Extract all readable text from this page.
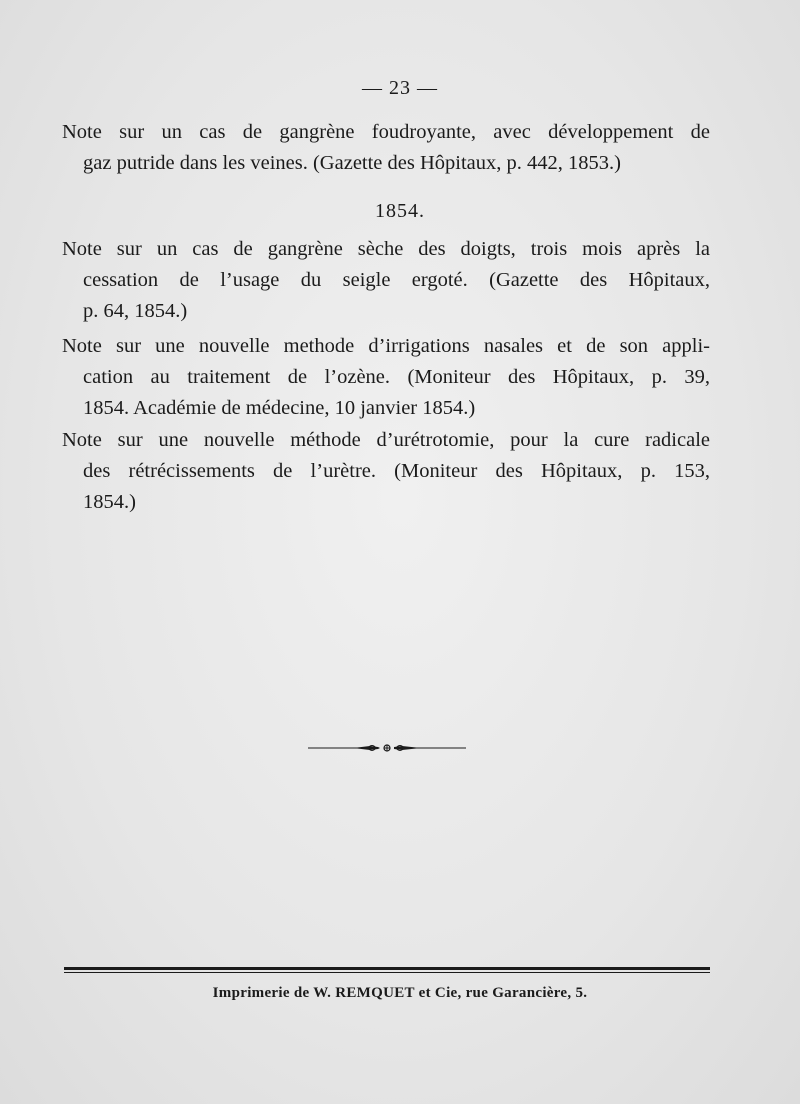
— 23 —
Note sur un cas de gangrène foudroyante, avec développement de
gaz putride dans les veines. (Gazette des Hôpitaux, p. 442, 1853.)
1854.
Note sur un cas de gangrène sèche des doigts, trois mois après la
cessation de l’usage du seigle ergoté. (Gazette des Hôpitaux,
p. 64, 1854.)
Note sur une nouvelle methode d’irrigations nasales et de son appli-
cation au traitement de l’ozène. (Moniteur des Hôpitaux, p. 39,
1854. Académie de médecine, 10 janvier 1854.)
Note sur une nouvelle méthode d’urétrotomie, pour la cure radicale
des rétrécissements de l’urètre. (Moniteur des Hôpitaux, p. 153,
1854.)
Imprimerie de W. REMQUET et Cie, rue Garancière, 5.
